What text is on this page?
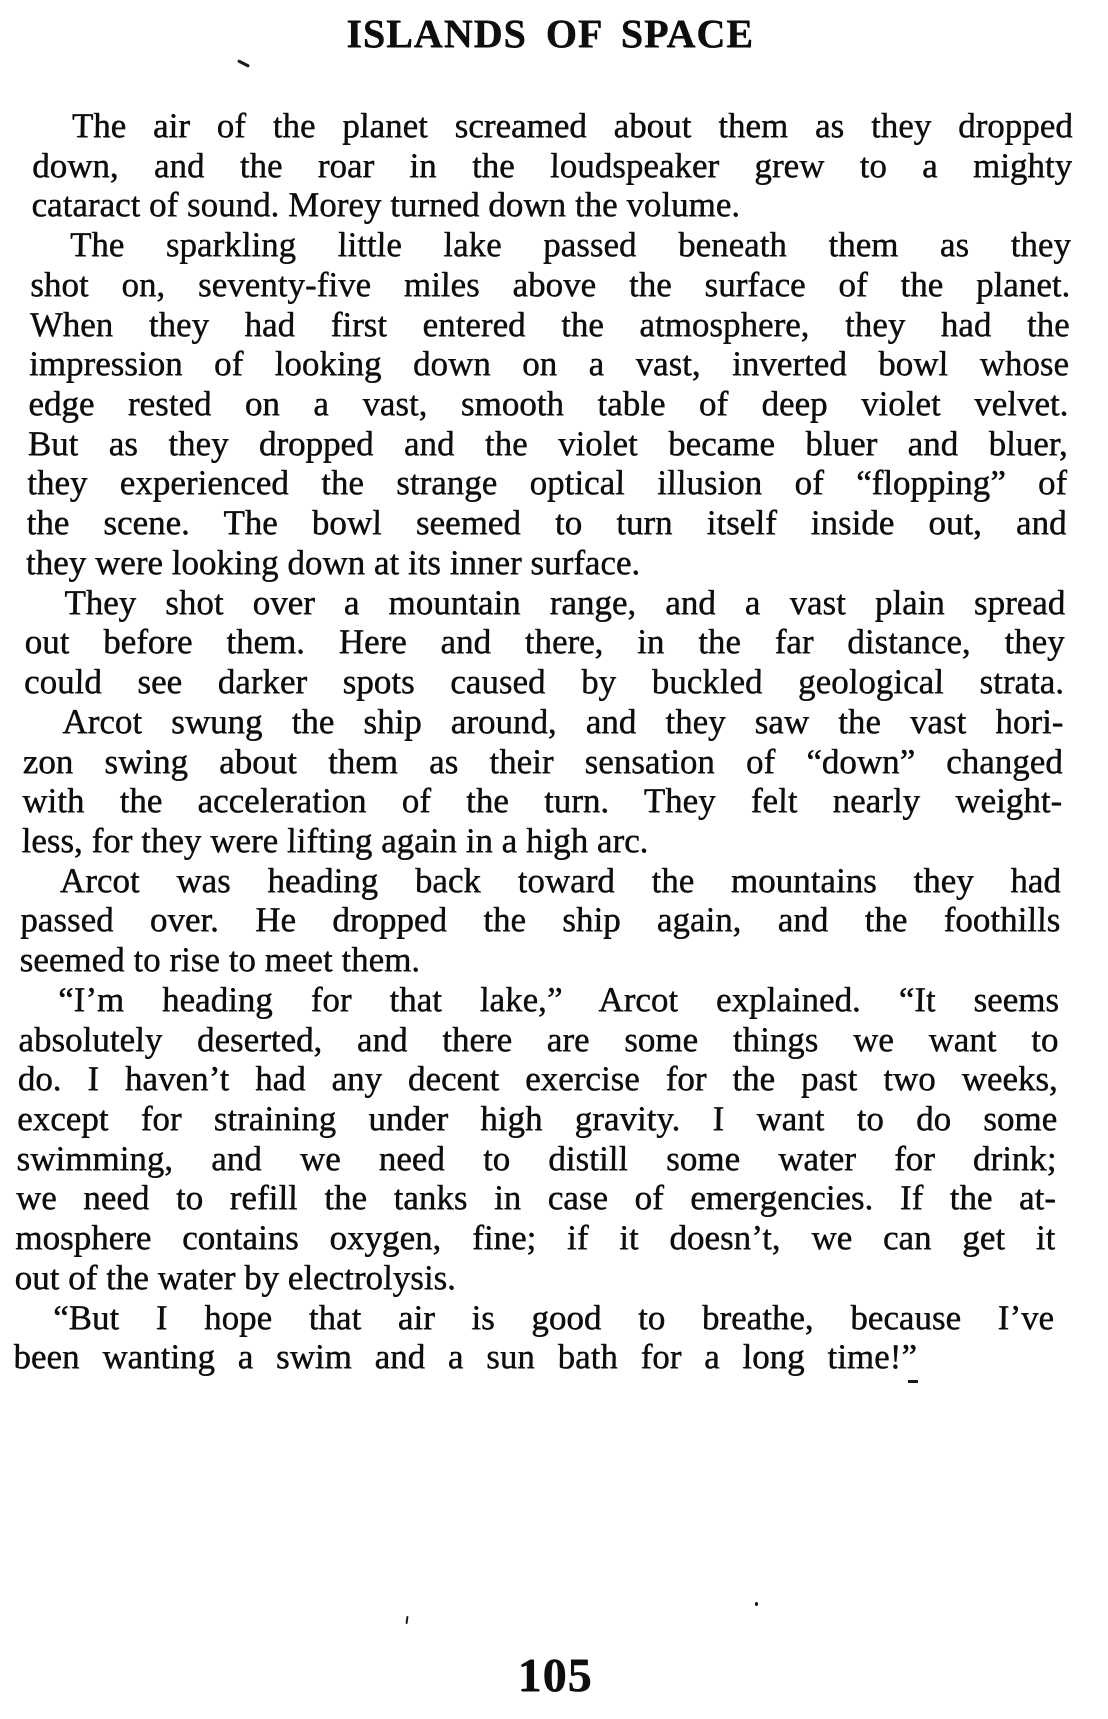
ISLANDS OF SPACE
The air of the planet screamed about them as they dropped
down, and the roar in the loudspeaker grew to a mighty
cataract of sound. Morey turned down the volume.
The sparkling little lake passed beneath them as they
shot on, seventy-five miles above the surface of the planet.
When they had first entered the atmosphere, they had the
impression of looking down on a vast, inverted bowl whose
edge rested on a vast, smooth table of deep violet velvet.
But as they dropped and the violet became bluer and bluer,
they experienced the strange optical illusion of “flopping” of
the scene. The bowl seemed to turn itself inside out, and
they were looking down at its inner surface.
They shot over a mountain range, and a vast plain spread
out before them. Here and there, in the far distance, they
could see darker spots caused by buckled geological strata.
Arcot swung the ship around, and they saw the vast hori-
zon swing about them as their sensation of “down” changed
with the acceleration of the turn. They felt nearly weight-
less, for they were lifting again in a high arc.
Arcot was heading back toward the mountains they had
passed over. He dropped the ship again, and the foothills
seemed to rise to meet them.
“I’m heading for that lake,” Arcot explained. “It seems
absolutely deserted, and there are some things we want to
do. I haven’t had any decent exercise for the past two weeks,
except for straining under high gravity. I want to do some
swimming, and we need to distill some water for drink;
we need to refill the tanks in case of emergencies. If the at-
mosphere contains oxygen, fine; if it doesn’t, we can get it
out of the water by electrolysis.
“But I hope that air is good to breathe, because I’ve
been wanting a swim and a sun bath for a long time!”
105
